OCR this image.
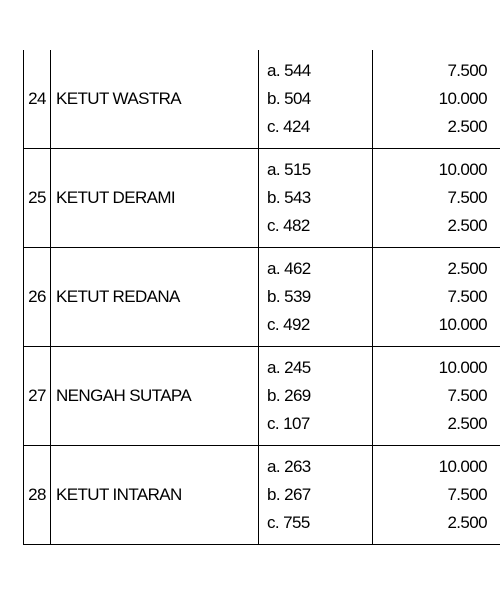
24	KETUT WASTRA	a. 544
b. 504
c. 424	7.500
10.000
2.500

25	KETUT DERAMI	a. 515
b. 543
c. 482	10.000
7.500
2.500

26	KETUT REDANA	a. 462
b. 539
c. 492	2.500
7.500
10.000

27	NENGAH SUTAPA	a. 245
b. 269
c. 107	10.000
7.500
2.500

28	KETUT INTARAN	a. 263
b. 267
c. 755	10.000
7.500
2.500
